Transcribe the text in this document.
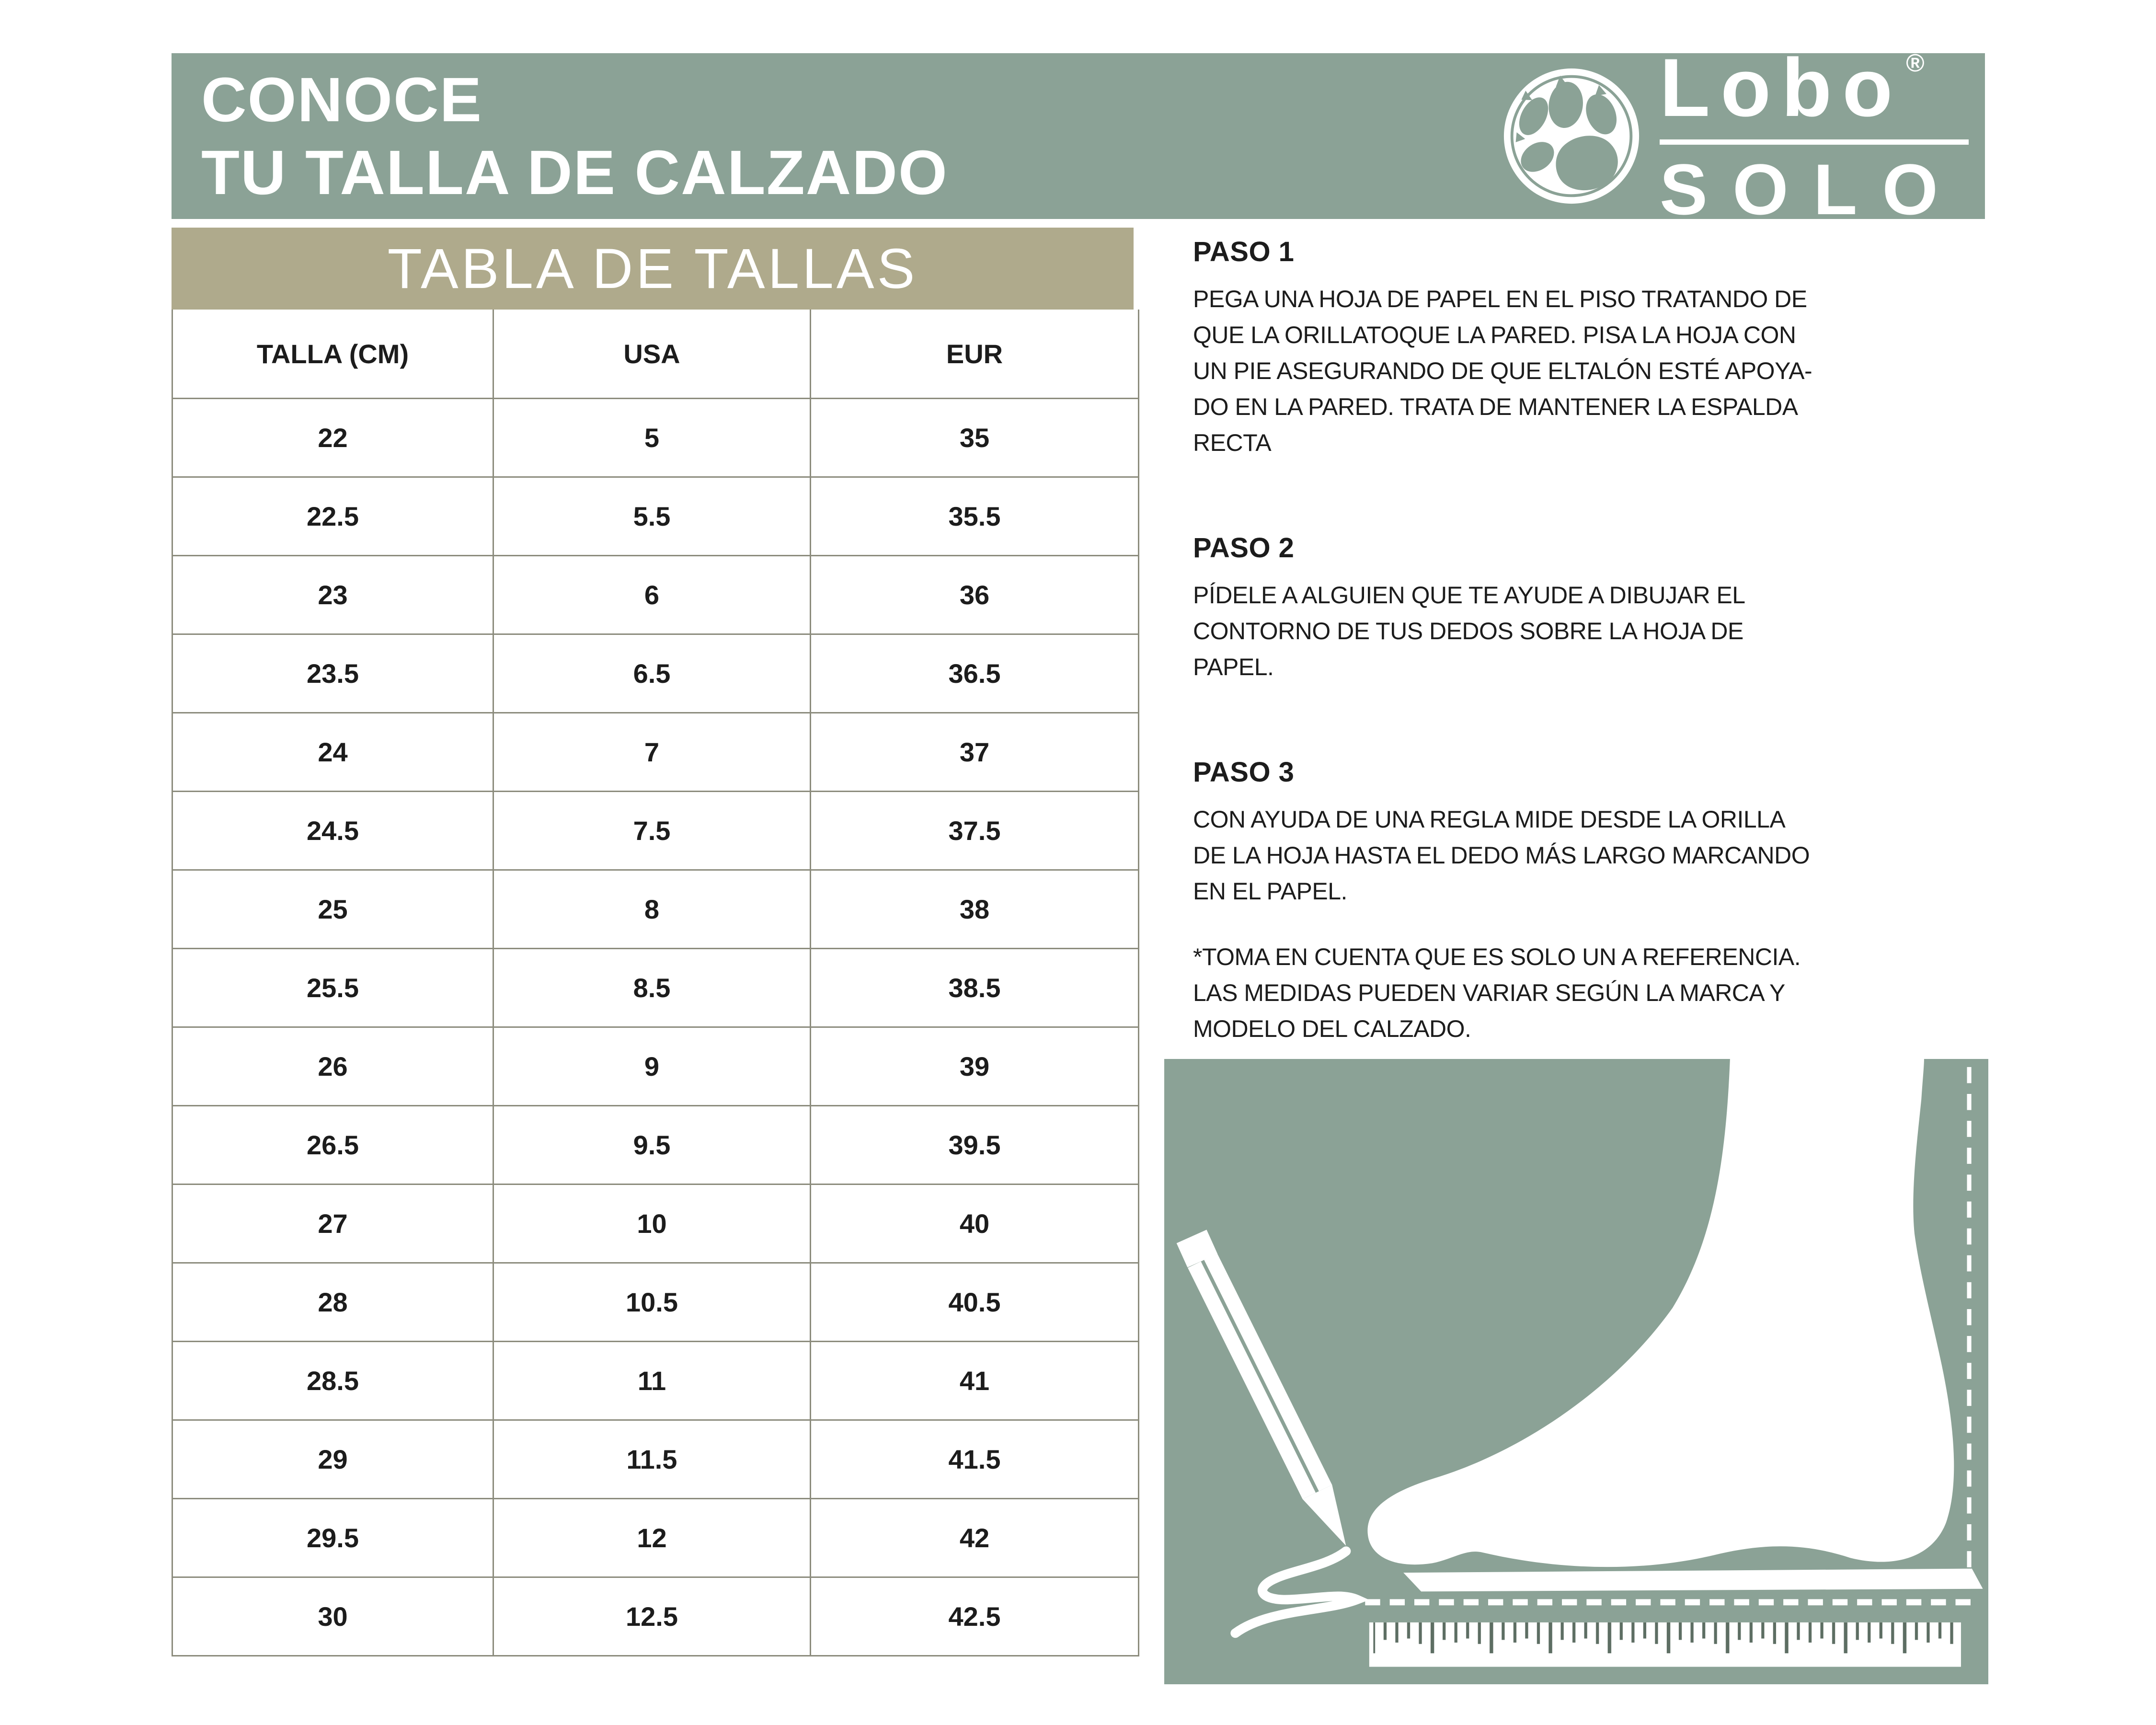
CONOCE
TU TALLA DE CALZADO
Lobo ®
SOLO
TABLA DE TALLAS
TALLA (CM)	USA	EUR
22	5	35
22.5	5.5	35.5
23	6	36
23.5	6.5	36.5
24	7	37
24.5	7.5	37.5
25	8	38
25.5	8.5	38.5
26	9	39
26.5	9.5	39.5
27	10	40
28	10.5	40.5
28.5	11	41
29	11.5	41.5
29.5	12	42
30	12.5	42.5
PASO 1
PEGA UNA HOJA DE PAPEL EN EL PISO TRATANDO DE
QUE LA ORILLATOQUE LA PARED. PISA LA HOJA CON
UN PIE ASEGURANDO DE QUE ELTALÓN ESTÉ APOYA-
DO EN LA PARED. TRATA DE MANTENER LA ESPALDA
RECTA
PASO 2
PÍDELE A ALGUIEN QUE TE AYUDE A DIBUJAR EL
CONTORNO DE TUS DEDOS SOBRE LA HOJA DE
PAPEL.
PASO 3
CON AYUDA DE UNA REGLA MIDE DESDE LA ORILLA
DE LA HOJA HASTA EL DEDO MÁS LARGO MARCANDO
EN EL PAPEL.
*TOMA EN CUENTA QUE ES SOLO UN A REFERENCIA.
LAS MEDIDAS PUEDEN VARIAR SEGÚN LA MARCA Y
MODELO DEL CALZADO.
